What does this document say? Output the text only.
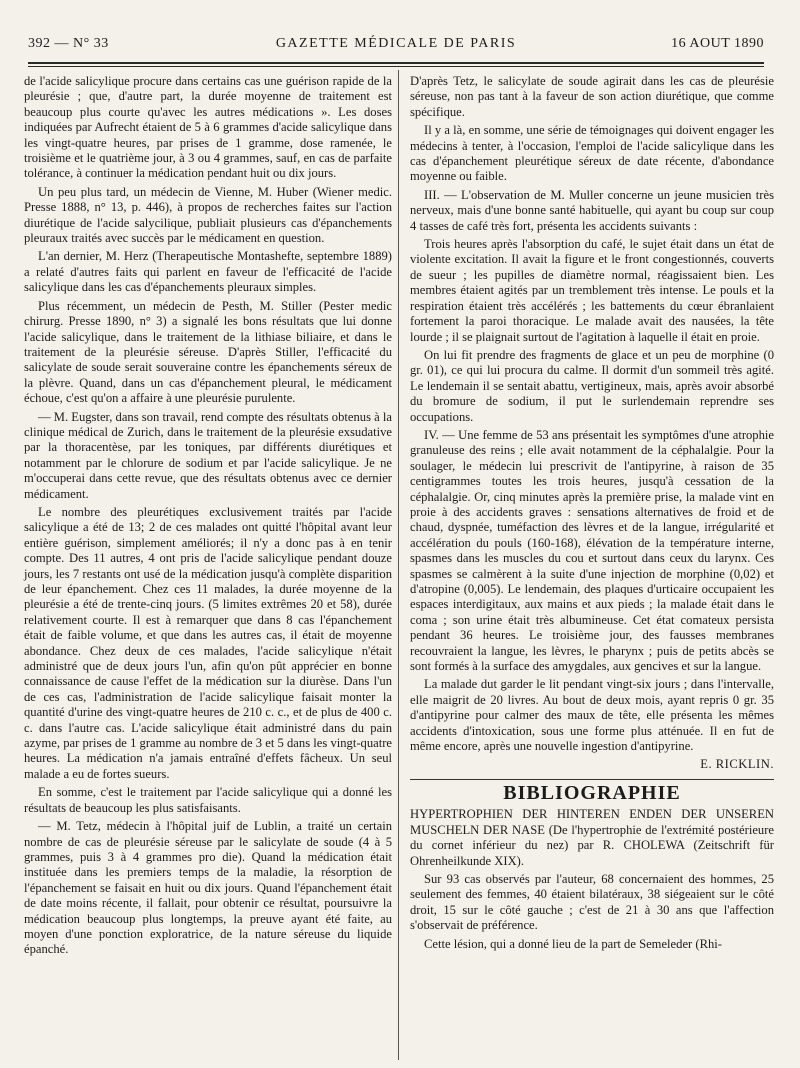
392 — N° 33	GAZETTE MÉDICALE DE PARIS	16 AOUT 1890

de l'acide salicylique procure dans certains cas une guérison rapide de la pleurésie ; que, d'autre part, la durée moyenne de traitement est beaucoup plus courte qu'avec les autres médications ». Les doses indiquées par Aufrecht étaient de 5 à 6 grammes d'acide salicylique dans les vingt-quatre heures, par prises de 1 gramme, dose ramenée, le troisième et le quatrième jour, à 3 ou 4 grammes, sauf, en cas de parfaite tolérance, à continuer la médication pendant huit ou dix jours.

Un peu plus tard, un médecin de Vienne, M. Huber (Wiener medic. Presse 1888, n° 13, p. 446), à propos de recherches faites sur l'action diurétique de l'acide salycilique, publiait plusieurs cas d'épanchements pleuraux traités avec succès par le médicament en question.

L'an dernier, M. Herz (Therapeutische Montashefte, septembre 1889) a relaté d'autres faits qui parlent en faveur de l'efficacité de l'acide salicylique dans les cas d'épanchements pleuraux simples.

Plus récemment, un médecin de Pesth, M. Stiller (Pester medic chirurg. Presse 1890, n° 3) a signalé les bons résultats que lui donne l'acide salicylique, dans le traitement de la lithiase biliaire, et dans le traitement de la pleurésie séreuse. D'après Stiller, l'efficacité du salicylate de soude serait souveraine contre les épanchements séreux de la plèvre. Quand, dans un cas d'épanchement pleural, le médicament échoue, c'est qu'on a affaire à une pleurésie purulente.

— M. Eugster, dans son travail, rend compte des résultats obtenus à la clinique médical de Zurich, dans le traitement de la pleurésie exsudative par la thoracentèse, par les toniques, par différents diurétiques et notamment par le chlorure de sodium et par l'acide salicylique. Je ne m'occuperai dans cette revue, que des résultats obtenus avec ce dernier médicament.

Le nombre des pleurétiques exclusivement traités par l'acide salicylique a été de 13; 2 de ces malades ont quitté l'hôpital avant leur entière guérison, simplement améliorés; il n'y a donc pas à en tenir compte. Des 11 autres, 4 ont pris de l'acide salicylique pendant douze jours, les 7 restants ont usé de la médication jusqu'à complète disparition de leur épanchement. Chez ces 11 malades, la durée moyenne de la pleurésie a été de trente-cinq jours. (5 limites extrêmes 20 et 58), durée relativement courte. Il est à remarquer que dans 8 cas l'épanchement était de faible volume, et que dans les autres cas, il était de moyenne abondance. Chez deux de ces malades, l'acide salicylique n'était administré que de deux jours l'un, afin qu'on pût apprécier en bonne connaissance de cause l'effet de la médication sur la diurèse. Dans l'un de ces cas, l'administration de l'acide salicylique faisait monter la quantité d'urine des vingt-quatre heures de 210 c. c., et de plus de 400 c. c. dans l'autre cas. L'acide salicylique était administré dans du pain azyme, par prises de 1 gramme au nombre de 3 et 5 dans les vingt-quatre heures. La médication n'a jamais entraîné d'effets fâcheux. Un seul malade a eu de fortes sueurs.

En somme, c'est le traitement par l'acide salicylique qui a donné les résultats de beaucoup les plus satisfaisants.

— M. Tetz, médecin à l'hôpital juif de Lublin, a traité un certain nombre de cas de pleurésie séreuse par le salicylate de soude (4 à 5 grammes, puis 3 à 4 grammes pro die). Quand la médication était instituée dans les premiers temps de la maladie, la résorption de l'épanchement se faisait en huit ou dix jours. Quand l'épanchement était de date moins récente, il fallait, pour obtenir ce résultat, poursuivre la médication beaucoup plus longtemps, la preuve ayant été faite, au moyen d'une ponction exploratrice, de la nature séreuse du liquide épanché.

D'après Tetz, le salicylate de soude agirait dans les cas de pleurésie séreuse, non pas tant à la faveur de son action diurétique, que comme spécifique.

Il y a là, en somme, une série de témoignages qui doivent engager les médecins à tenter, à l'occasion, l'emploi de l'acide salicylique dans les cas d'épanchement pleurétique séreux de date récente, d'abondance moyenne ou faible.

III. — L'observation de M. Muller concerne un jeune musicien très nerveux, mais d'une bonne santé habituelle, qui ayant bu coup sur coup 4 tasses de café très fort, présenta les accidents suivants :

Trois heures après l'absorption du café, le sujet était dans un état de violente excitation. Il avait la figure et le front congestionnés, couverts de sueur ; les pupilles de diamètre normal, réagissaient bien. Les membres étaient agités par un tremblement très intense. Le pouls et la respiration étaient très accélérés ; les battements du cœur ébranlaient fortement la paroi thoracique. Le malade avait des nausées, la tête lourde ; il se plaignait surtout de l'agitation à laquelle il était en proie.

On lui fit prendre des fragments de glace et un peu de morphine (0 gr. 01), ce qui lui procura du calme. Il dormit d'un sommeil très agité. Le lendemain il se sentait abattu, vertigineux, mais, après avoir absorbé du bromure de sodium, il put le surlendemain reprendre ses occupations.

IV. — Une femme de 53 ans présentait les symptômes d'une atrophie granuleuse des reins ; elle avait notamment de la céphalalgie. Pour la soulager, le médecin lui prescrivit de l'antipyrine, à raison de 35 centigrammes toutes les trois heures, jusqu'à cessation de la céphalalgie. Or, cinq minutes après la première prise, la malade vint en proie à des accidents graves : sensations alternatives de froid et de chaud, dyspnée, tuméfaction des lèvres et de la langue, irrégularité et accélération du pouls (160-168), élévation de la température interne, spasmes dans les muscles du cou et surtout dans ceux du larynx. Ces spasmes se calmèrent à la suite d'une injection de morphine (0,02) et d'atropine (0,005). Le lendemain, des plaques d'urticaire occupaient les espaces interdigitaux, aux mains et aux pieds ; la malade était dans le coma ; son urine était très albumineuse. Cet état comateux persista pendant 36 heures. Le troisième jour, des fausses membranes recouvraient la langue, les lèvres, le pharynx ; puis de petits abcès se sont formés à la surface des amygdales, aux gencives et sur la langue.

La malade dut garder le lit pendant vingt-six jours ; dans l'intervalle, elle maigrit de 20 livres. Au bout de deux mois, ayant repris 0 gr. 35 d'antipyrine pour calmer des maux de tête, elle présenta les mêmes accidents d'intoxication, sous une forme plus atténuée. Il en fut de même encore, après une nouvelle ingestion d'antipyrine.

E. RICKLIN.

BIBLIOGRAPHIE

HYPERTROPHIEN DER HINTEREN ENDEN DER UNSEREN MUSCHELN DER NASE (De l'hypertrophie de l'extrémité postérieure du cornet inférieur du nez) par R. CHOLEWA (Zeitschrift für Ohrenheilkunde XIX).

Sur 93 cas observés par l'auteur, 68 concernaient des hommes, 25 seulement des femmes, 40 étaient bilatéraux, 38 siégeaient sur le côté droit, 15 sur le côté gauche ; c'est de 21 à 30 ans que l'affection s'observait de préférence.

Cette lésion, qui a donné lieu de la part de Semeleder (Rhi-
